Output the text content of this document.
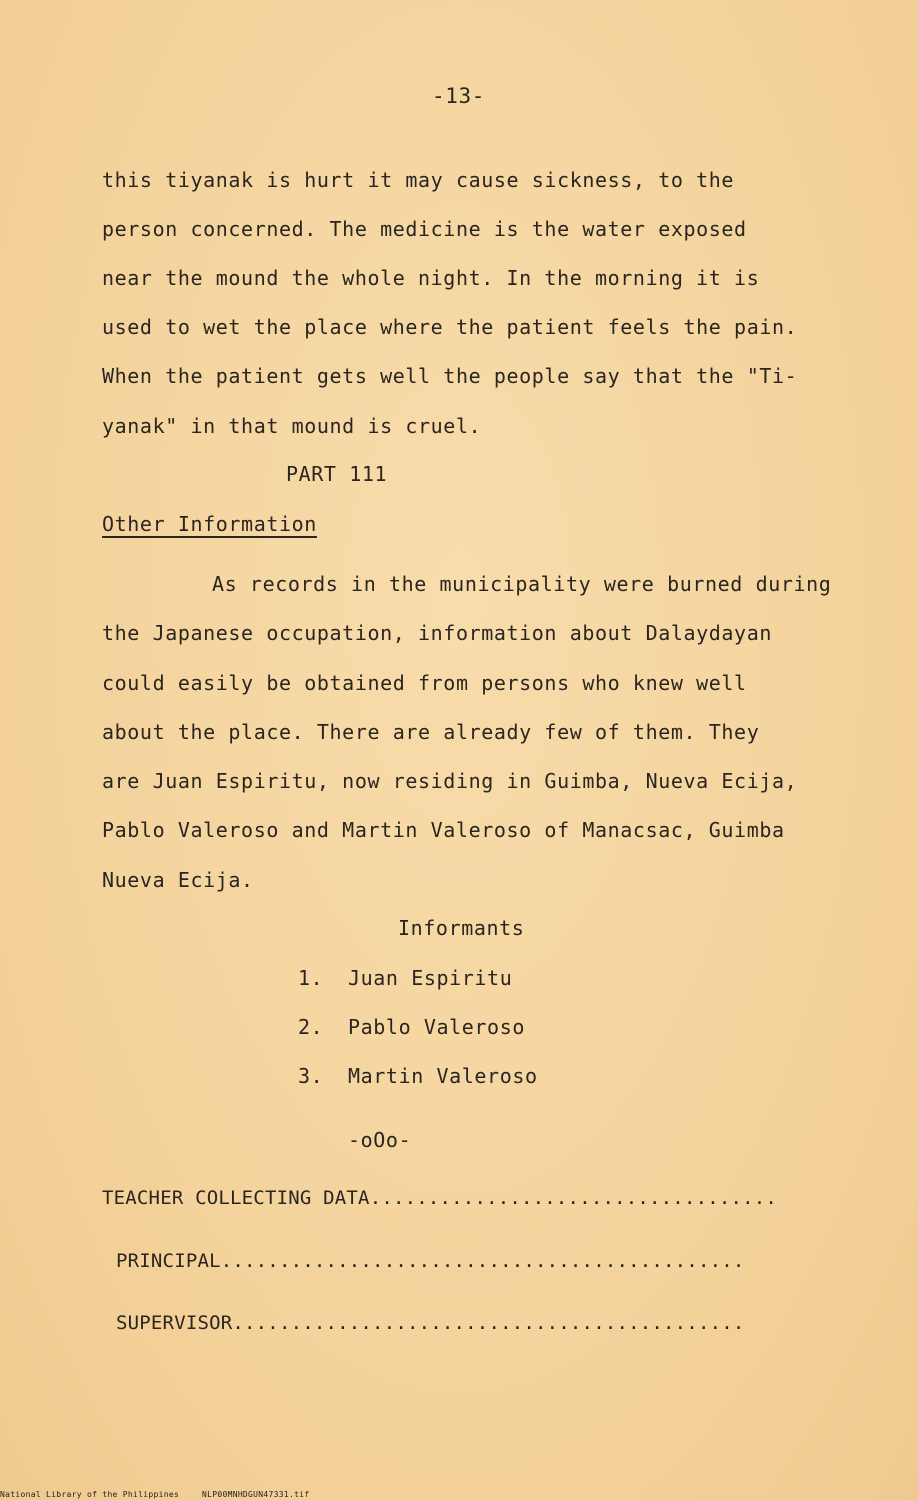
-13-
this tiyanak is hurt it may cause sickness, to the
person concerned. The medicine is the water exposed
near the mound the whole night. In the morning it is
used to wet the place where the patient feels the pain.
When the patient gets well the people say that the "Ti-
yanak" in that mound is cruel.
PART 111
Other Information
As records in the municipality were burned during
the Japanese occupation, information about Dalaydayan
could easily be obtained from persons who knew well
about the place. There are already few of them. They
are Juan Espiritu, now residing in Guimba, Nueva Ecija,
Pablo Valeroso and Martin Valeroso of Manacsac, Guimba
Nueva Ecija.
Informants
1. Juan Espiritu
2. Pablo Valeroso
3. Martin Valeroso
-oOo-
TEACHER COLLECTING DATA...................................
PRINCIPAL.............................................
SUPERVISOR............................................
National Library of the Philippines	NLP00MNHDGUN47331.tif
